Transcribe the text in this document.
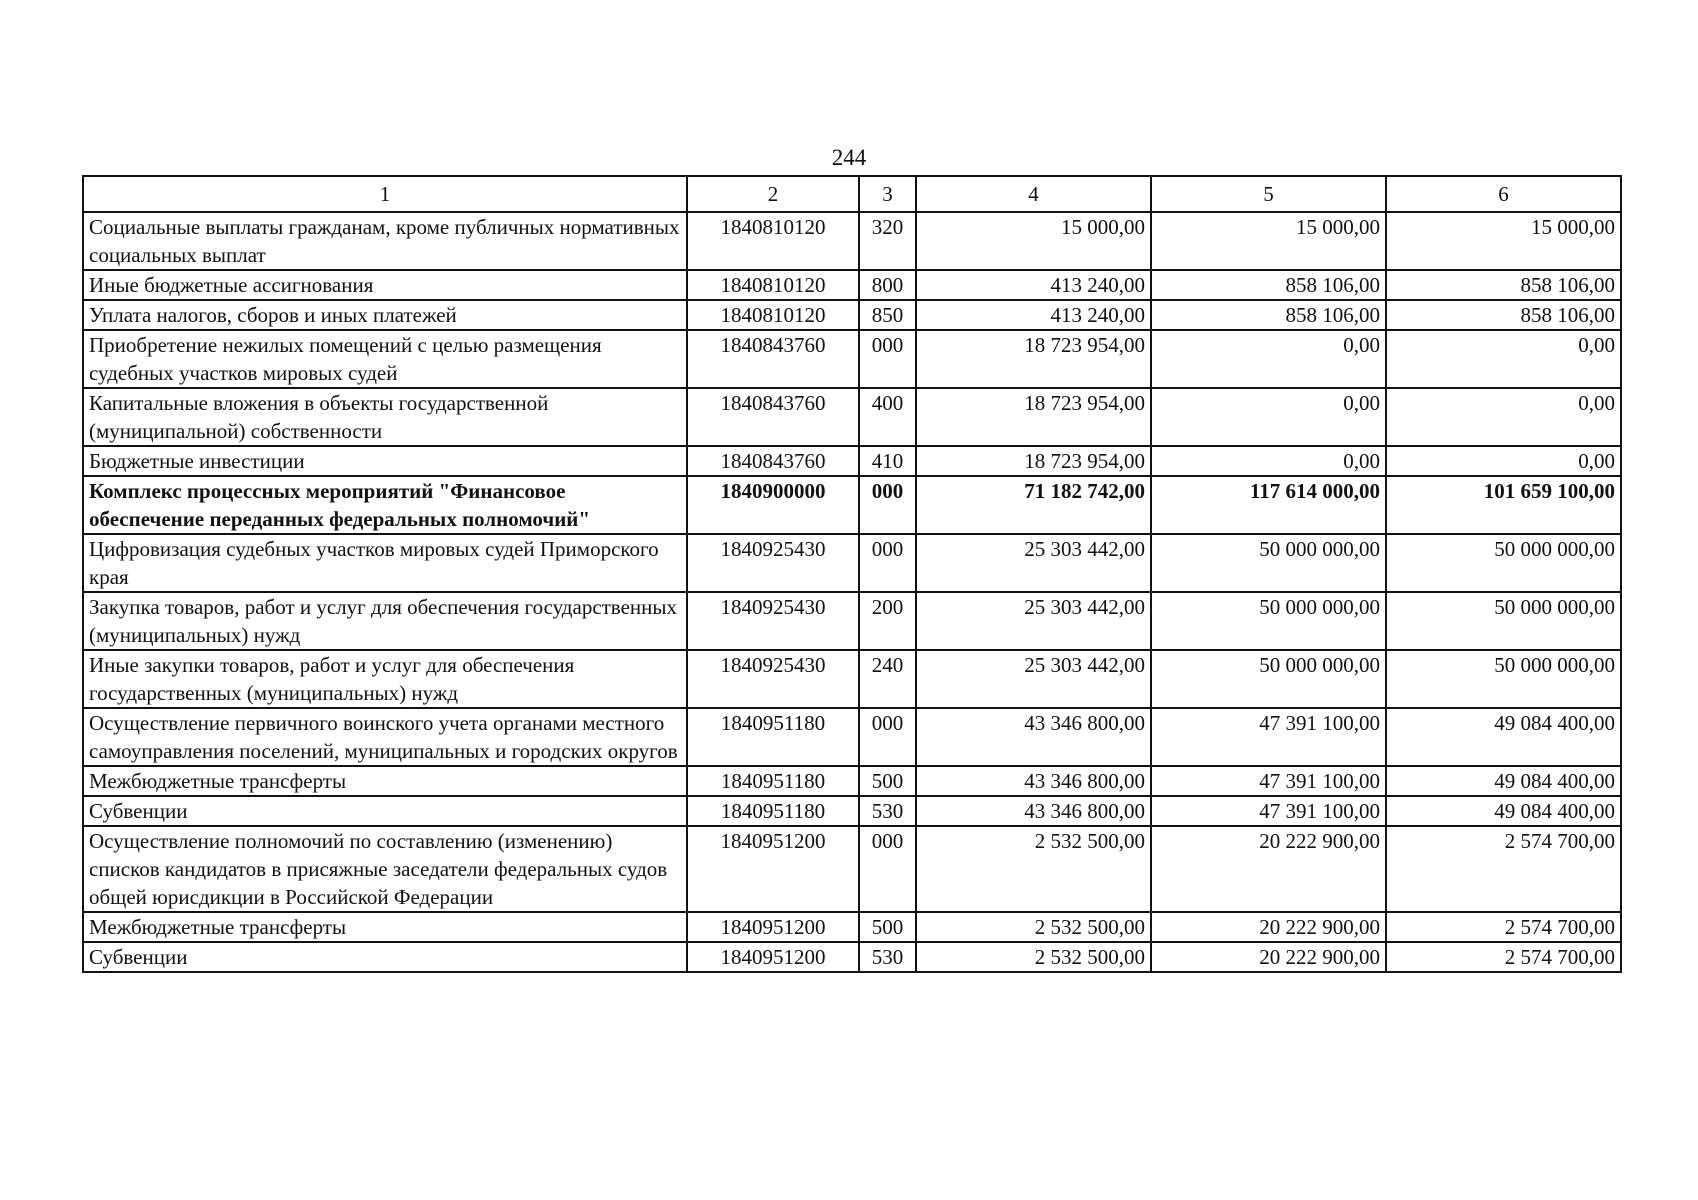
244
1	2	3	4	5	6
Социальные выплаты гражданам, кроме публичных нормативных социальных выплат	1840810120	320	15 000,00	15 000,00	15 000,00
Иные бюджетные ассигнования	1840810120	800	413 240,00	858 106,00	858 106,00
Уплата налогов, сборов и иных платежей	1840810120	850	413 240,00	858 106,00	858 106,00
Приобретение нежилых помещений с целью размещения судебных участков мировых судей	1840843760	000	18 723 954,00	0,00	0,00
Капитальные вложения в объекты государственной (муниципальной) собственности	1840843760	400	18 723 954,00	0,00	0,00
Бюджетные инвестиции	1840843760	410	18 723 954,00	0,00	0,00
Комплекс процессных мероприятий "Финансовое обеспечение переданных федеральных полномочий"	1840900000	000	71 182 742,00	117 614 000,00	101 659 100,00
Цифровизация судебных участков мировых судей Приморского края	1840925430	000	25 303 442,00	50 000 000,00	50 000 000,00
Закупка товаров, работ и услуг для обеспечения государственных (муниципальных) нужд	1840925430	200	25 303 442,00	50 000 000,00	50 000 000,00
Иные закупки товаров, работ и услуг для обеспечения государственных (муниципальных) нужд	1840925430	240	25 303 442,00	50 000 000,00	50 000 000,00
Осуществление первичного воинского учета органами местного самоуправления поселений, муниципальных и городских округов	1840951180	000	43 346 800,00	47 391 100,00	49 084 400,00
Межбюджетные трансферты	1840951180	500	43 346 800,00	47 391 100,00	49 084 400,00
Субвенции	1840951180	530	43 346 800,00	47 391 100,00	49 084 400,00
Осуществление полномочий по составлению (изменению) списков кандидатов в присяжные заседатели федеральных судов общей юрисдикции в Российской Федерации	1840951200	000	2 532 500,00	20 222 900,00	2 574 700,00
Межбюджетные трансферты	1840951200	500	2 532 500,00	20 222 900,00	2 574 700,00
Субвенции	1840951200	530	2 532 500,00	20 222 900,00	2 574 700,00
